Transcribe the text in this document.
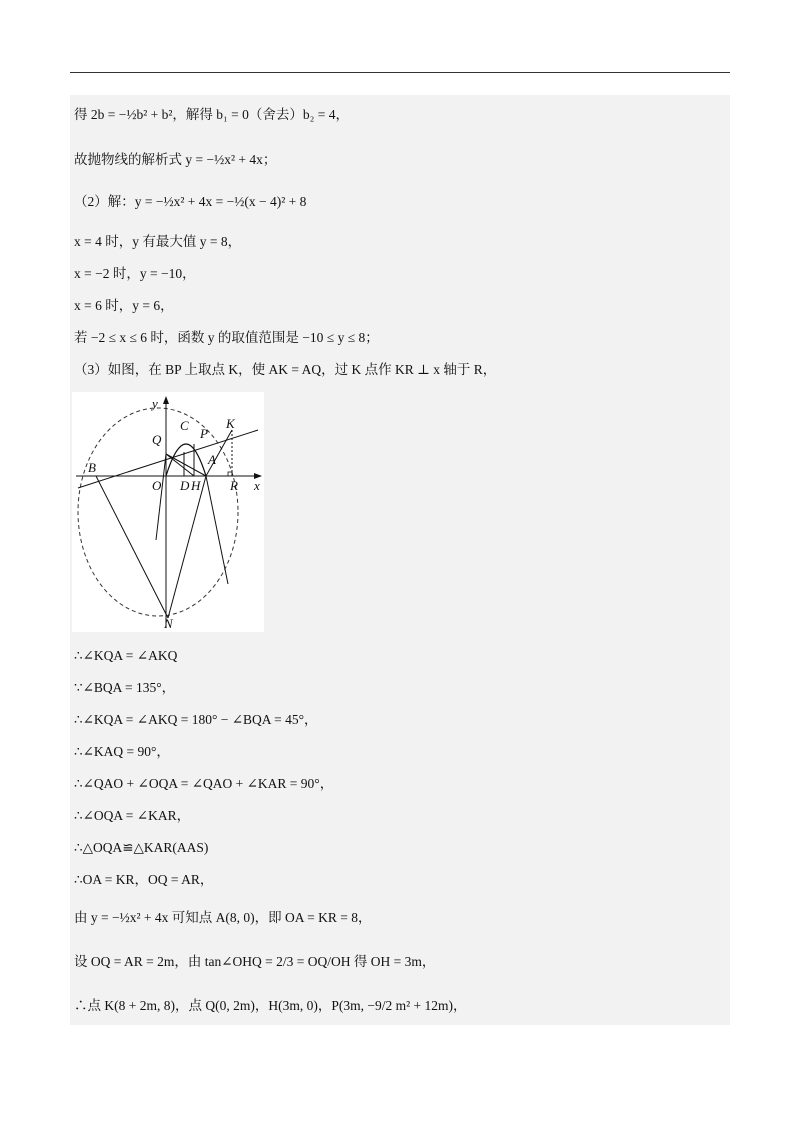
得 2b = −½b² + b²，解得 b₁ = 0（舍去）b₂ = 4，
故抛物线的解析式 y = −½x² + 4x；
（2）解：y = −½x² + 4x = −½(x − 4)² + 8
x = 4 时，y 有最大值 y = 8，
x = −2 时，y = −10，
x = 6 时，y = 6，
若 −2 ≤ x ≤ 6 时，函数 y 的取值范围是 −10 ≤ y ≤ 8；
（3）如图，在 BP 上取点 K，使 AK = AQ，过 K 点作 KR ⊥ x 轴于 R，
y
x
C
P
K
Q
A
B
O D H R
N
∴∠KQA = ∠AKQ
∵∠BQA = 135°，
∴∠KQA = ∠AKQ = 180° − ∠BQA = 45°，
∴∠KAQ = 90°，
∴∠QAO + ∠OQA = ∠QAO + ∠KAR = 90°，
∴∠OQA = ∠KAR，
∴△OQA≌△KAR(AAS)
∴OA = KR，OQ = AR，
由 y = −½x² + 4x 可知点 A(8, 0)，即 OA = KR = 8，
设 OQ = AR = 2m，由 tan∠OHQ = 2/3 = OQ/OH 得 OH = 3m，
∴点 K(8 + 2m, 8)，点 Q(0, 2m)，H(3m, 0)，P(3m, −9/2 m² + 12m)，
